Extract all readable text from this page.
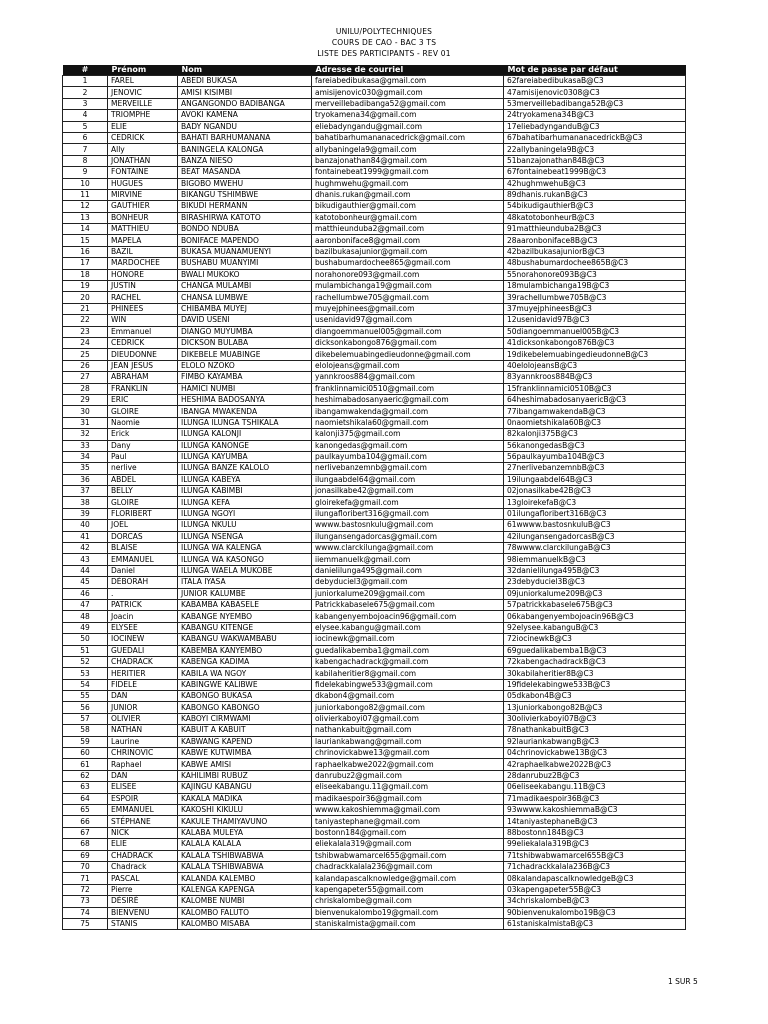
UNILU/POLYTECHNIQUES
COURS DE CAO - BAC 3 TS
LISTE DES PARTICIPANTS - REV 01
#	Prénom	Nom	Adresse de courriel	Mot de passe par défaut
1	FAREL	ABEDI BUKASA	fareiabedibukasa@gmail.com	62fareiabedibukasaB@C3
2	JENOVIC	AMISI KISIMBI	amisijenovic030@gmail.com	47amisijenovic0308@C3
3	MERVEILLE	ANGANGONDO BADIBANGA	merveillebadibanga52@gmail.com	53merveillebadibanga52B@C3
4	TRIOMPHE	AVOKI KAMENA	tryokamena34@gmail.com	24tryokamena34B@C3
5	ELIE	BADY NGANDU	eliebadyngandu@gmail.com	17eliebadynganduB@C3
6	CEDRICK	BAHATI BARHUMANANA	bahatibarhumananacedrick@gmail.com	67bahatibarhumananacedrickB@C3
7	Ally	BANINGELA KALONGA	allybaningela9@gmail.com	22allybaningela9B@C3
8	JONATHAN	BANZA NIESO	banzajonathan84@gmail.com	51banzajonathan84B@C3
9	FONTAINE	BEAT MASANDA	fontainebeat1999@gmail.com	67fontainebeat1999B@C3
10	HUGUES	BIGOBO MWEHU	hughmwehu@gmail.com	42hughmwehuB@C3
11	MIRVINE	BIKANGU TSHIMBWE	dhanis.rukan@gmail.com	89dhanis.rukanB@C3
12	GAUTHIER	BIKUDI HERMANN	bikudigauthier@gmail.com	54bikudigauthierB@C3
13	BONHEUR	BIRASHIRWA KATOTO	katotobonheur@gmail.com	48katotobonheurB@C3
14	MATTHIEU	BONDO NDUBA	matthieunduba2@gmail.com	91matthieunduba2B@C3
15	MAPELA	BONIFACE MAPENDO	aaronboniface8@gmail.com	28aaronboniface8B@C3
16	BAZIL	BUKASA MUANAMUENYI	bazilbukasajunior@gmail.com	42bazilbukasajuniorB@C3
17	MARDOCHEE	BUSHABU MUANYIMI	bushabumardochee865@gmail.com	48bushabumardochee865B@C3
18	HONORE	BWALI MUKOKO	norahonore093@gmail.com	55norahonore093B@C3
19	JUSTIN	CHANGA MULAMBI	mulambichanga19@gmail.com	18mulambichanga19B@C3
20	RACHEL	CHANSA LUMBWE	rachellumbwe705@gmail.com	39rachellumbwe705B@C3
21	PHINEES	CHIBAMBA MUYEJ	muyejphinees@gmail.com	37muyejphineesB@C3
22	WIN	DAVID USENI	usenidavid97@gmail.com	12usenidavid97B@C3
23	Emmanuel	DIANGO MUYUMBA	diangoemmanuel005@gmail.com	50diangoemmanuel005B@C3
24	CEDRICK	DICKSON BULABA	dicksonkabongo876@gmail.com	41dicksonkabongo876B@C3
25	DIEUDONNE	DIKEBELE MUABINGE	dikebelemuabingedieudonne@gmail.com	19dikebelemuabingedieudonneB@C3
26	JEAN JESUS	ELOLO NZOKO	elolojeans@gmail.com	40elolojeansB@C3
27	ABRAHAM	FIMBO KAYAMBA	yannkroos884@gmail.com	83yannkroos884B@C3
28	FRANKLIN	HAMICI NUMBI	franklinnamici0510@gmail.com	15franklinnamici0510B@C3
29	ERIC	HESHIMA BADOSANYA	heshimabadosanyaeric@gmail.com	64heshimabadosanyaericB@C3
30	GLOIRE	IBANGA MWAKENDA	ibangamwakenda@gmail.com	77ibangamwakendaB@C3
31	Naomie	ILUNGA ILUNGA TSHIKALA	naomietshikala60@gmail.com	0naomietshikala60B@C3
32	Erick	ILUNGA KALONJI	kalonji375@gmail.com	82kalonji375B@C3
33	Dany	ILUNGA KANONGE	kanongedas@gmail.com	56kanongedasB@C3
34	Paul	ILUNGA KAYUMBA	paulkayumba104@gmail.com	56paulkayumba104B@C3
35	nerlive	ILUNGA BANZE KALOLO	nerlivebanzemnb@gmail.com	27nerlivebanzemnbB@C3
36	ABDEL	ILUNGA KABEYA	ilungaabdel64@gmail.com	19ilungaabdel64B@C3
37	BELLY	ILUNGA KABIMBI	jonasilkabe42@gmail.com	02jonasilkabe42B@C3
38	GLOIRE	ILUNGA KEFA	gloirekefa@gmail.com	13gloirekefaB@C3
39	FLORIBERT	ILUNGA NGOYI	ilungafloribert316@gmail.com	01ilungafloribert316B@C3
40	JOEL	ILUNGA NKULU	wwww.bastosnkulu@gmail.com	61wwww.bastosnkuluB@C3
41	DORCAS	ILUNGA NSENGA	ilungansengadorcas@gmail.com	42ilungansengadorcasB@C3
42	BLAISE	ILUNGA WA KALENGA	wwww.clarckilunga@gmail.com	78wwww.clarckilungaB@C3
43	EMMANUEL	ILUNGA WA KASONGO	iiemmanuelk@gmail.com	98iemmanuelkB@C3
44	Daniel	ILUNGA WAELA MUKOBE	danielilunga495@gmail.com	32danielilunga495B@C3
45	DÉBORAH	ITALA IYASA	debyduciel3@gmail.com	23debyduciel3B@C3
46	.	JUNIOR KALUMBE	juniorkalume209@gmail.com	09juniorkalume209B@C3
47	PATRICK	KABAMBA KABASELE	Patrickkabasele675@gmail.com	57patrickkabasele675B@C3
48	Joacin	KABANGE NYEMBO	kabangenyembojoacin96@gmail.com	06kabangenyembojoacin96B@C3
49	ELYSEE	KABANGU KITENGE	elysee.kabangu@gmail.com	92elysee.kabanguB@C3
50	IOCINEW	KABANGU WAKWAMBABU	iocinewk@gmail.com	72iocinewkB@C3
51	GUEDALI	KABEMBA KANYEMBO	guedalikabemba1@gmail.com	69guedalikabemba1B@C3
52	CHADRACK	KABENGA KADIMA	kabengachadrack@gmail.com	72kabengachadrackB@C3
53	HERITIER	KABILA WA NGOY	kabilaheritier8@gmail.com	30kabilaheritier8B@C3
54	FIDELE	KABINGWE KALIBWE	fidelekabingwe533@gmail.com	19fidelekabingwe533B@C3
55	DAN	KABONGO BUKASA	dkabon4@gmail.com	05dkabon4B@C3
56	JUNIOR	KABONGO KABONGO	juniorkabongo82@gmail.com	13juniorkabongo82B@C3
57	OLIVIER	KABOYI CIRMWAMI	olivierkaboyi07@gmail.com	30olivierkaboyi07B@C3
58	NATHAN	KABUIT A KABUIT	nathankabuit@gmail.com	78nathankabuitB@C3
59	Laurine	KABWANG KAPEND	lauriankabwang@gmail.com	92lauriankabwangB@C3
60	CHRINOVIC	KABWE KUTWIMBA	chrinovickabwe13@gmail.com	04chrinovickabwe13B@C3
61	Raphael	KABWE AMISI	raphaelkabwe2022@gmail.com	42raphaelkabwe2022B@C3
62	DAN	KAHILIMBI RUBUZ	danrubuz2@gmail.com	28danrubuz2B@C3
63	ELISEE	KAJINGU KABANGU	eliseekabangu.11@gmail.com	06eliseekabangu.11B@C3
64	ESPOIR	KAKALA MADIKA	madikaespoir36@gmail.com	71madikaespoir36B@C3
65	EMMANUEL	KAKOSHI KIKULU	wwww.kakoshiemma@gmail.com	93wwww.kakoshiemmaB@C3
66	STÉPHANE	KAKULE THAMIYAVUNO	taniyastephane@gmail.com	14taniyastephaneB@C3
67	NICK	KALABA MULEYA	bostonn184@gmail.com	88bostonn184B@C3
68	ELIE	KALALA KALALA	eliekalala319@gmail.com	99eliekalala319B@C3
69	CHADRACK	KALALA TSHIBWABWA	tshibwabwamarcel655@gmail.com	71tshibwabwamarcel655B@C3
70	Chadrack	KALALA TSHIBWABWA	chadrackkalala236@gmail.com	71chadrackkalala236B@C3
71	PASCAL	KALANDA KALEMBO	kalandapascalknowledge@gmail.com	08kalandapascalknowledgeB@C3
72	Pierre	KALENGA KAPENGA	kapengapeter55@gmail.com	03kapengapeter55B@C3
73	DÉSIRÉ	KALOMBE NUMBI	chriskalombe@gmail.com	34chriskalombeB@C3
74	BIENVENU	KALOMBO FALUTO	bienvenukalombo19@gmail.com	90bienvenukalombo19B@C3
75	STANIS	KALOMBO MISABA	staniskalmista@gmail.com	61staniskalmistaB@C3
1 SUR 5
